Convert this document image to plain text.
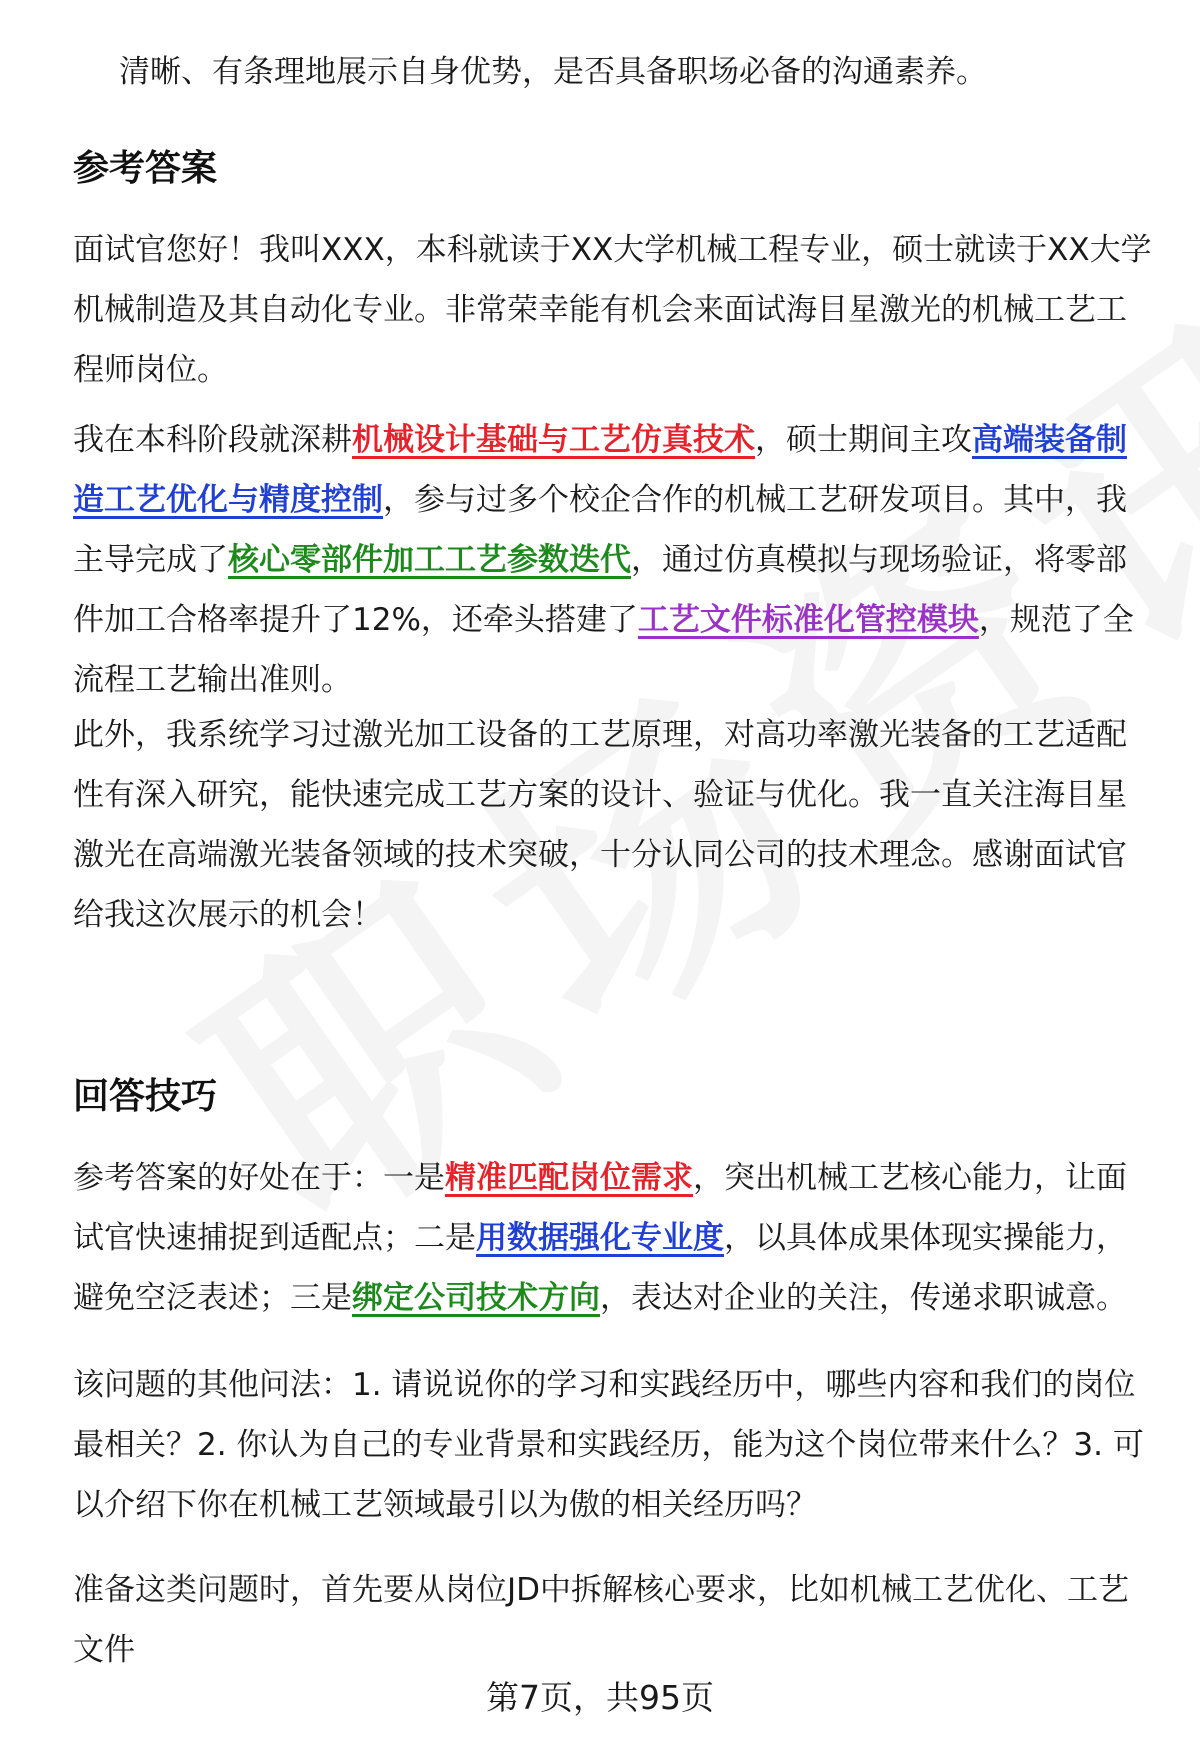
清晰、有条理地展示自身优势，是否具备职场必备的沟通素养。

参考答案

面试官您好！我叫XXX，本科就读于XX大学机械工程专业，硕士就读于XX大学机械制造及其自动化专业。非常荣幸能有机会来面试海目星激光的机械工艺工程师岗位。

我在本科阶段就深耕机械设计基础与工艺仿真技术，硕士期间主攻高端装备制造工艺优化与精度控制，参与过多个校企合作的机械工艺研发项目。其中，我主导完成了核心零部件加工工艺参数迭代，通过仿真模拟与现场验证，将零部件加工合格率提升了12%，还牵头搭建了工艺文件标准化管控模块，规范了全流程工艺输出准则。

此外，我系统学习过激光加工设备的工艺原理，对高功率激光装备的工艺适配性有深入研究，能快速完成工艺方案的设计、验证与优化。我一直关注海目星激光在高端激光装备领域的技术突破，十分认同公司的技术理念。感谢面试官给我这次展示的机会！

回答技巧

参考答案的好处在于：一是精准匹配岗位需求，突出机械工艺核心能力，让面试官快速捕捉到适配点；二是用数据强化专业度，以具体成果体现实操能力，避免空泛表述；三是绑定公司技术方向，表达对企业的关注，传递求职诚意。

该问题的其他问法：1. 请说说你的学习和实践经历中，哪些内容和我们的岗位最相关？2. 你认为自己的专业背景和实践经历，能为这个岗位带来什么？3. 可以介绍下你在机械工艺领域最引以为傲的相关经历吗？

准备这类问题时，首先要从岗位JD中拆解核心要求，比如机械工艺优化、工艺文件

第7页，共95页
